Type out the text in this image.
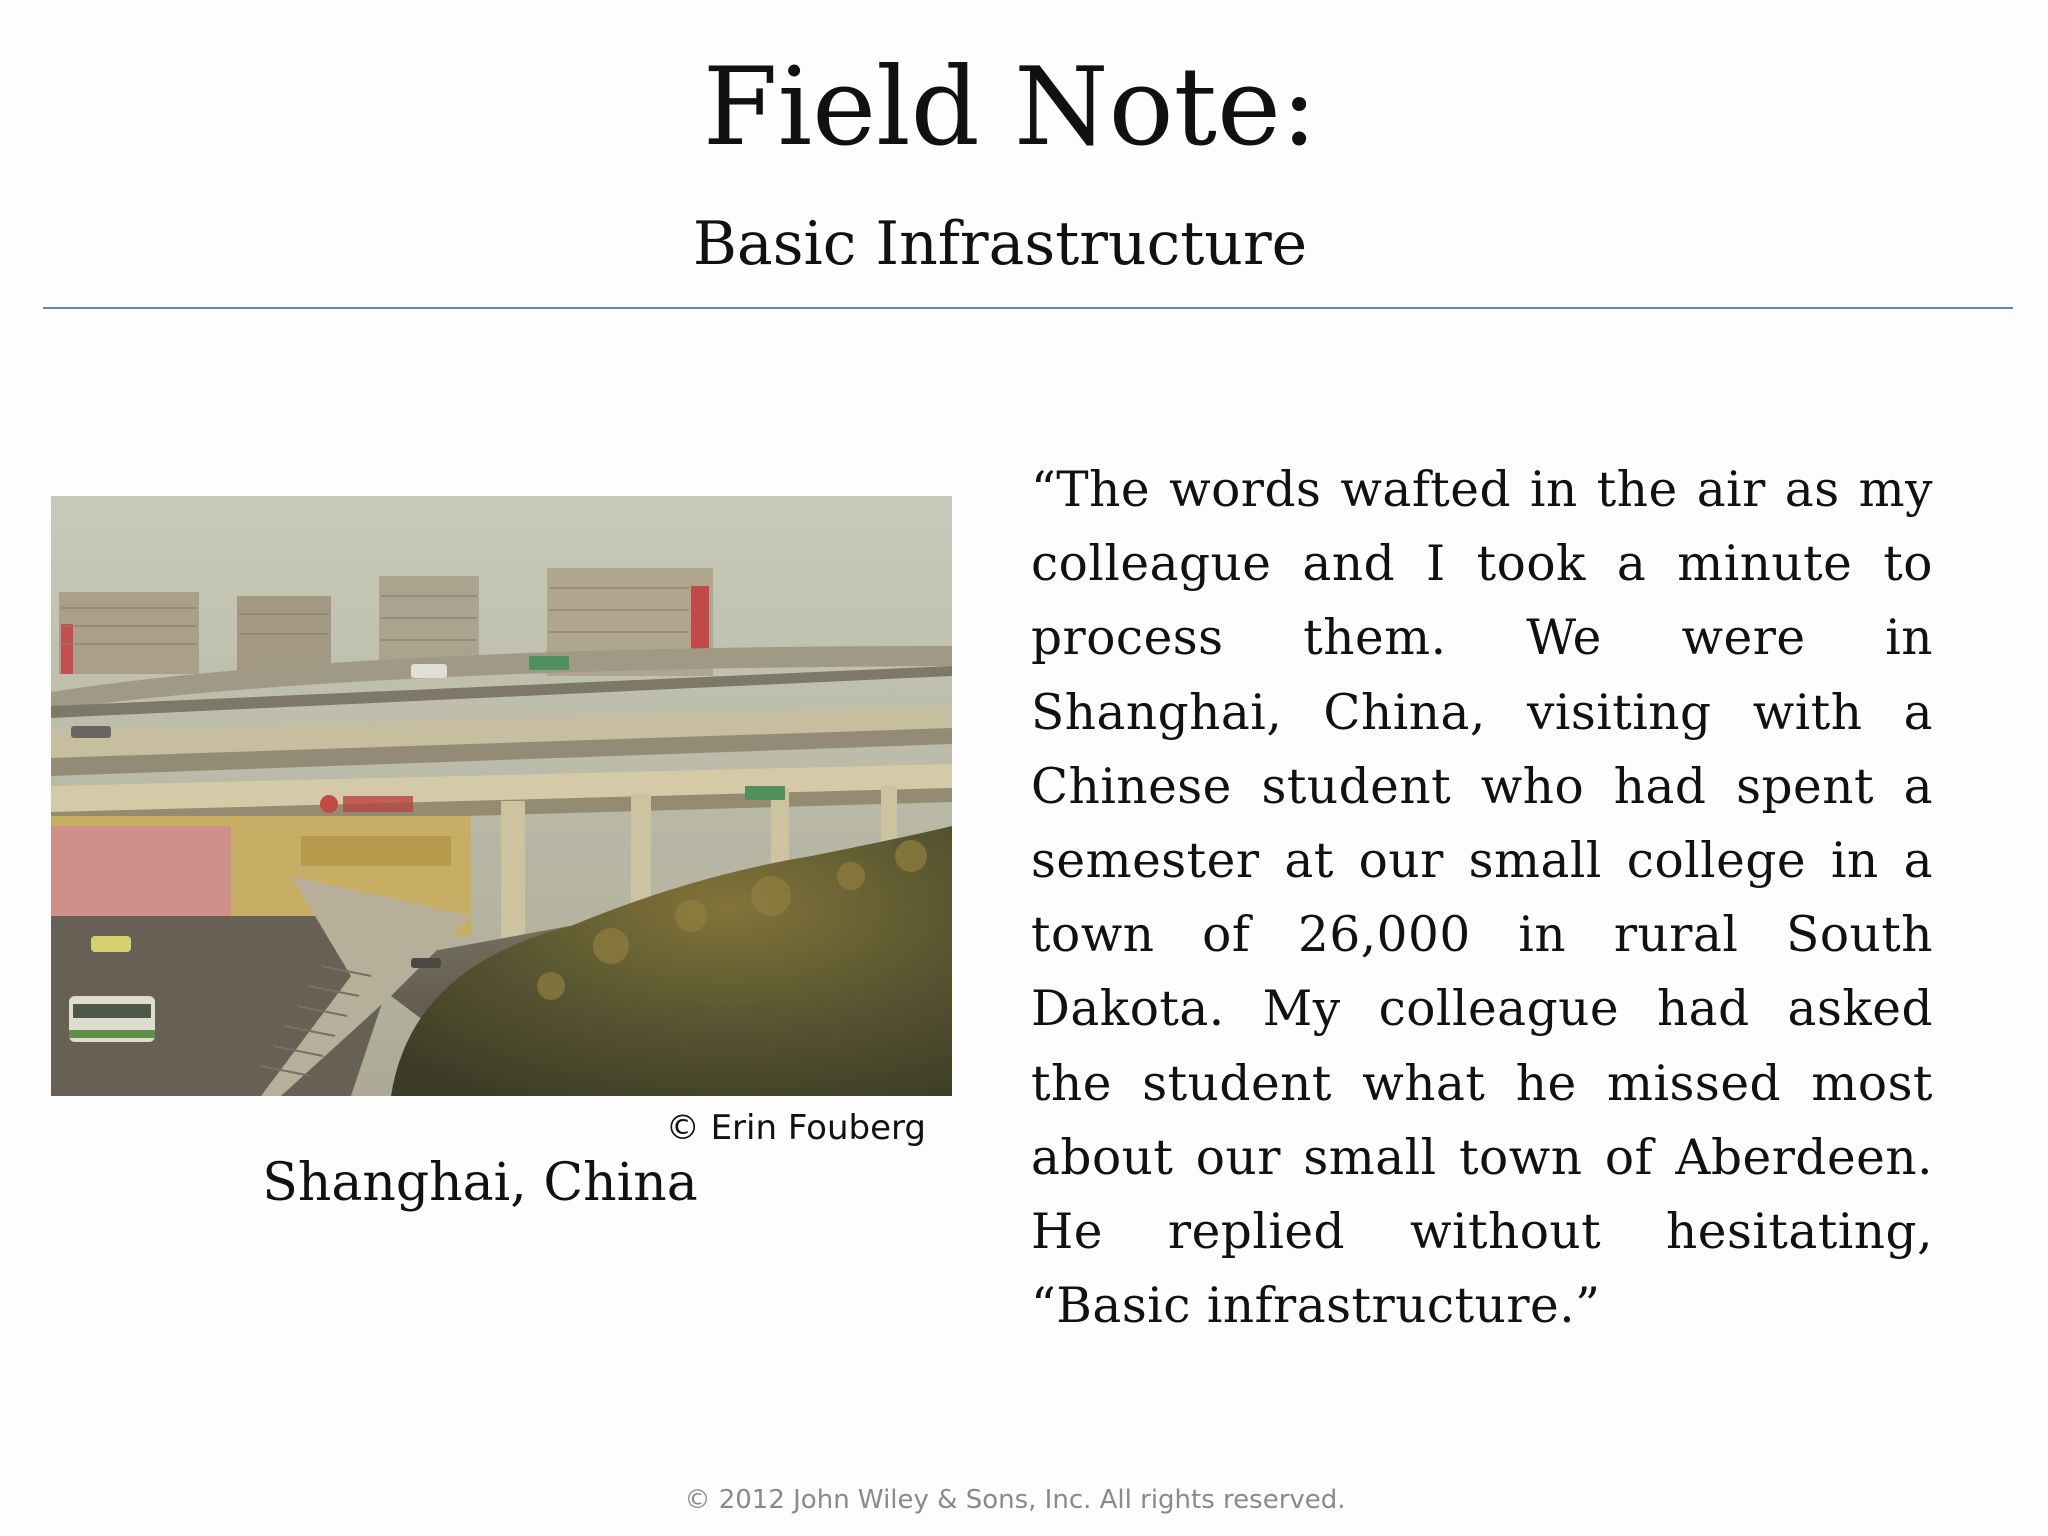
Field Note:
Basic Infrastructure
© Erin Fouberg
Shanghai, China

“The words wafted in the air as my colleague and I took a minute to process them. We were in Shanghai, China, visiting with a Chinese student who had spent a semester at our small college in a town of 26,000 in rural South Dakota. My colleague had asked the student what he missed most about our small town of Aberdeen. He replied without hesitating, “Basic infrastructure.”

© 2012 John Wiley & Sons, Inc. All rights reserved.
